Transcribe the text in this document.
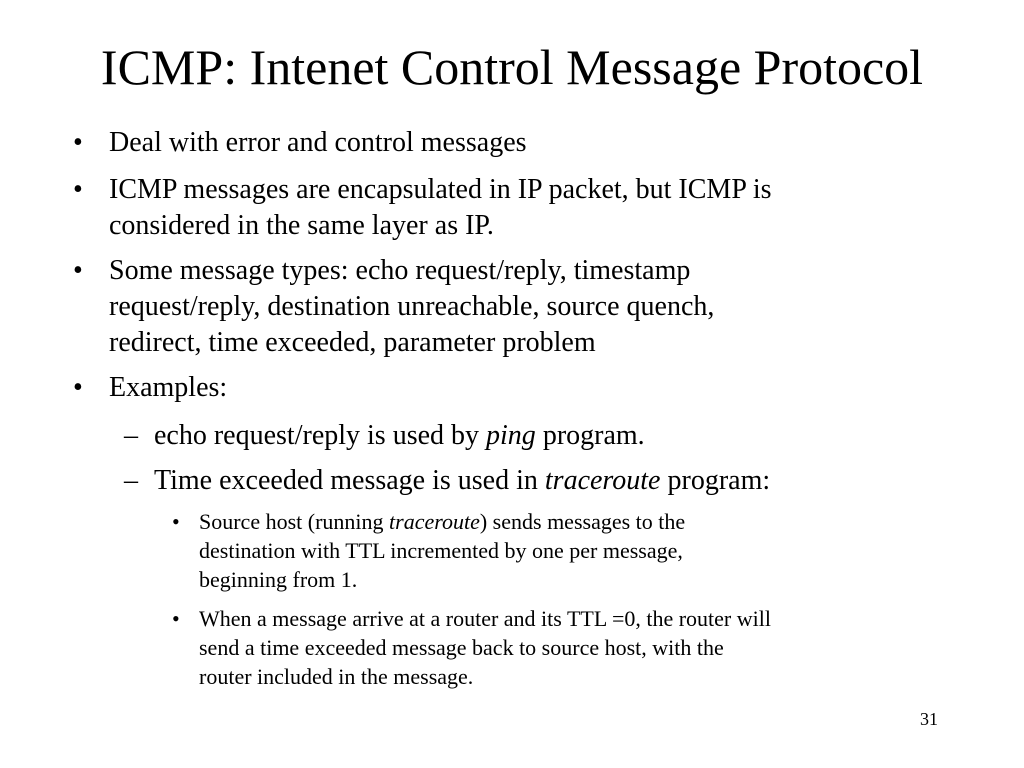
ICMP: Intenet Control Message Protocol
• Deal with error and control messages
• ICMP messages are encapsulated in IP packet, but ICMP is
considered in the same layer as IP.
• Some message types: echo request/reply, timestamp
request/reply, destination unreachable, source quench,
redirect, time exceeded, parameter problem
• Examples:
– echo request/reply is used by ping program.
– Time exceeded message is used in traceroute program:
• Source host (running traceroute) sends messages to the
destination with TTL incremented by one per message,
beginning from 1.
• When a message arrive at a router and its TTL =0, the router will
send a time exceeded message back to source host, with the
router included in the message.
31
